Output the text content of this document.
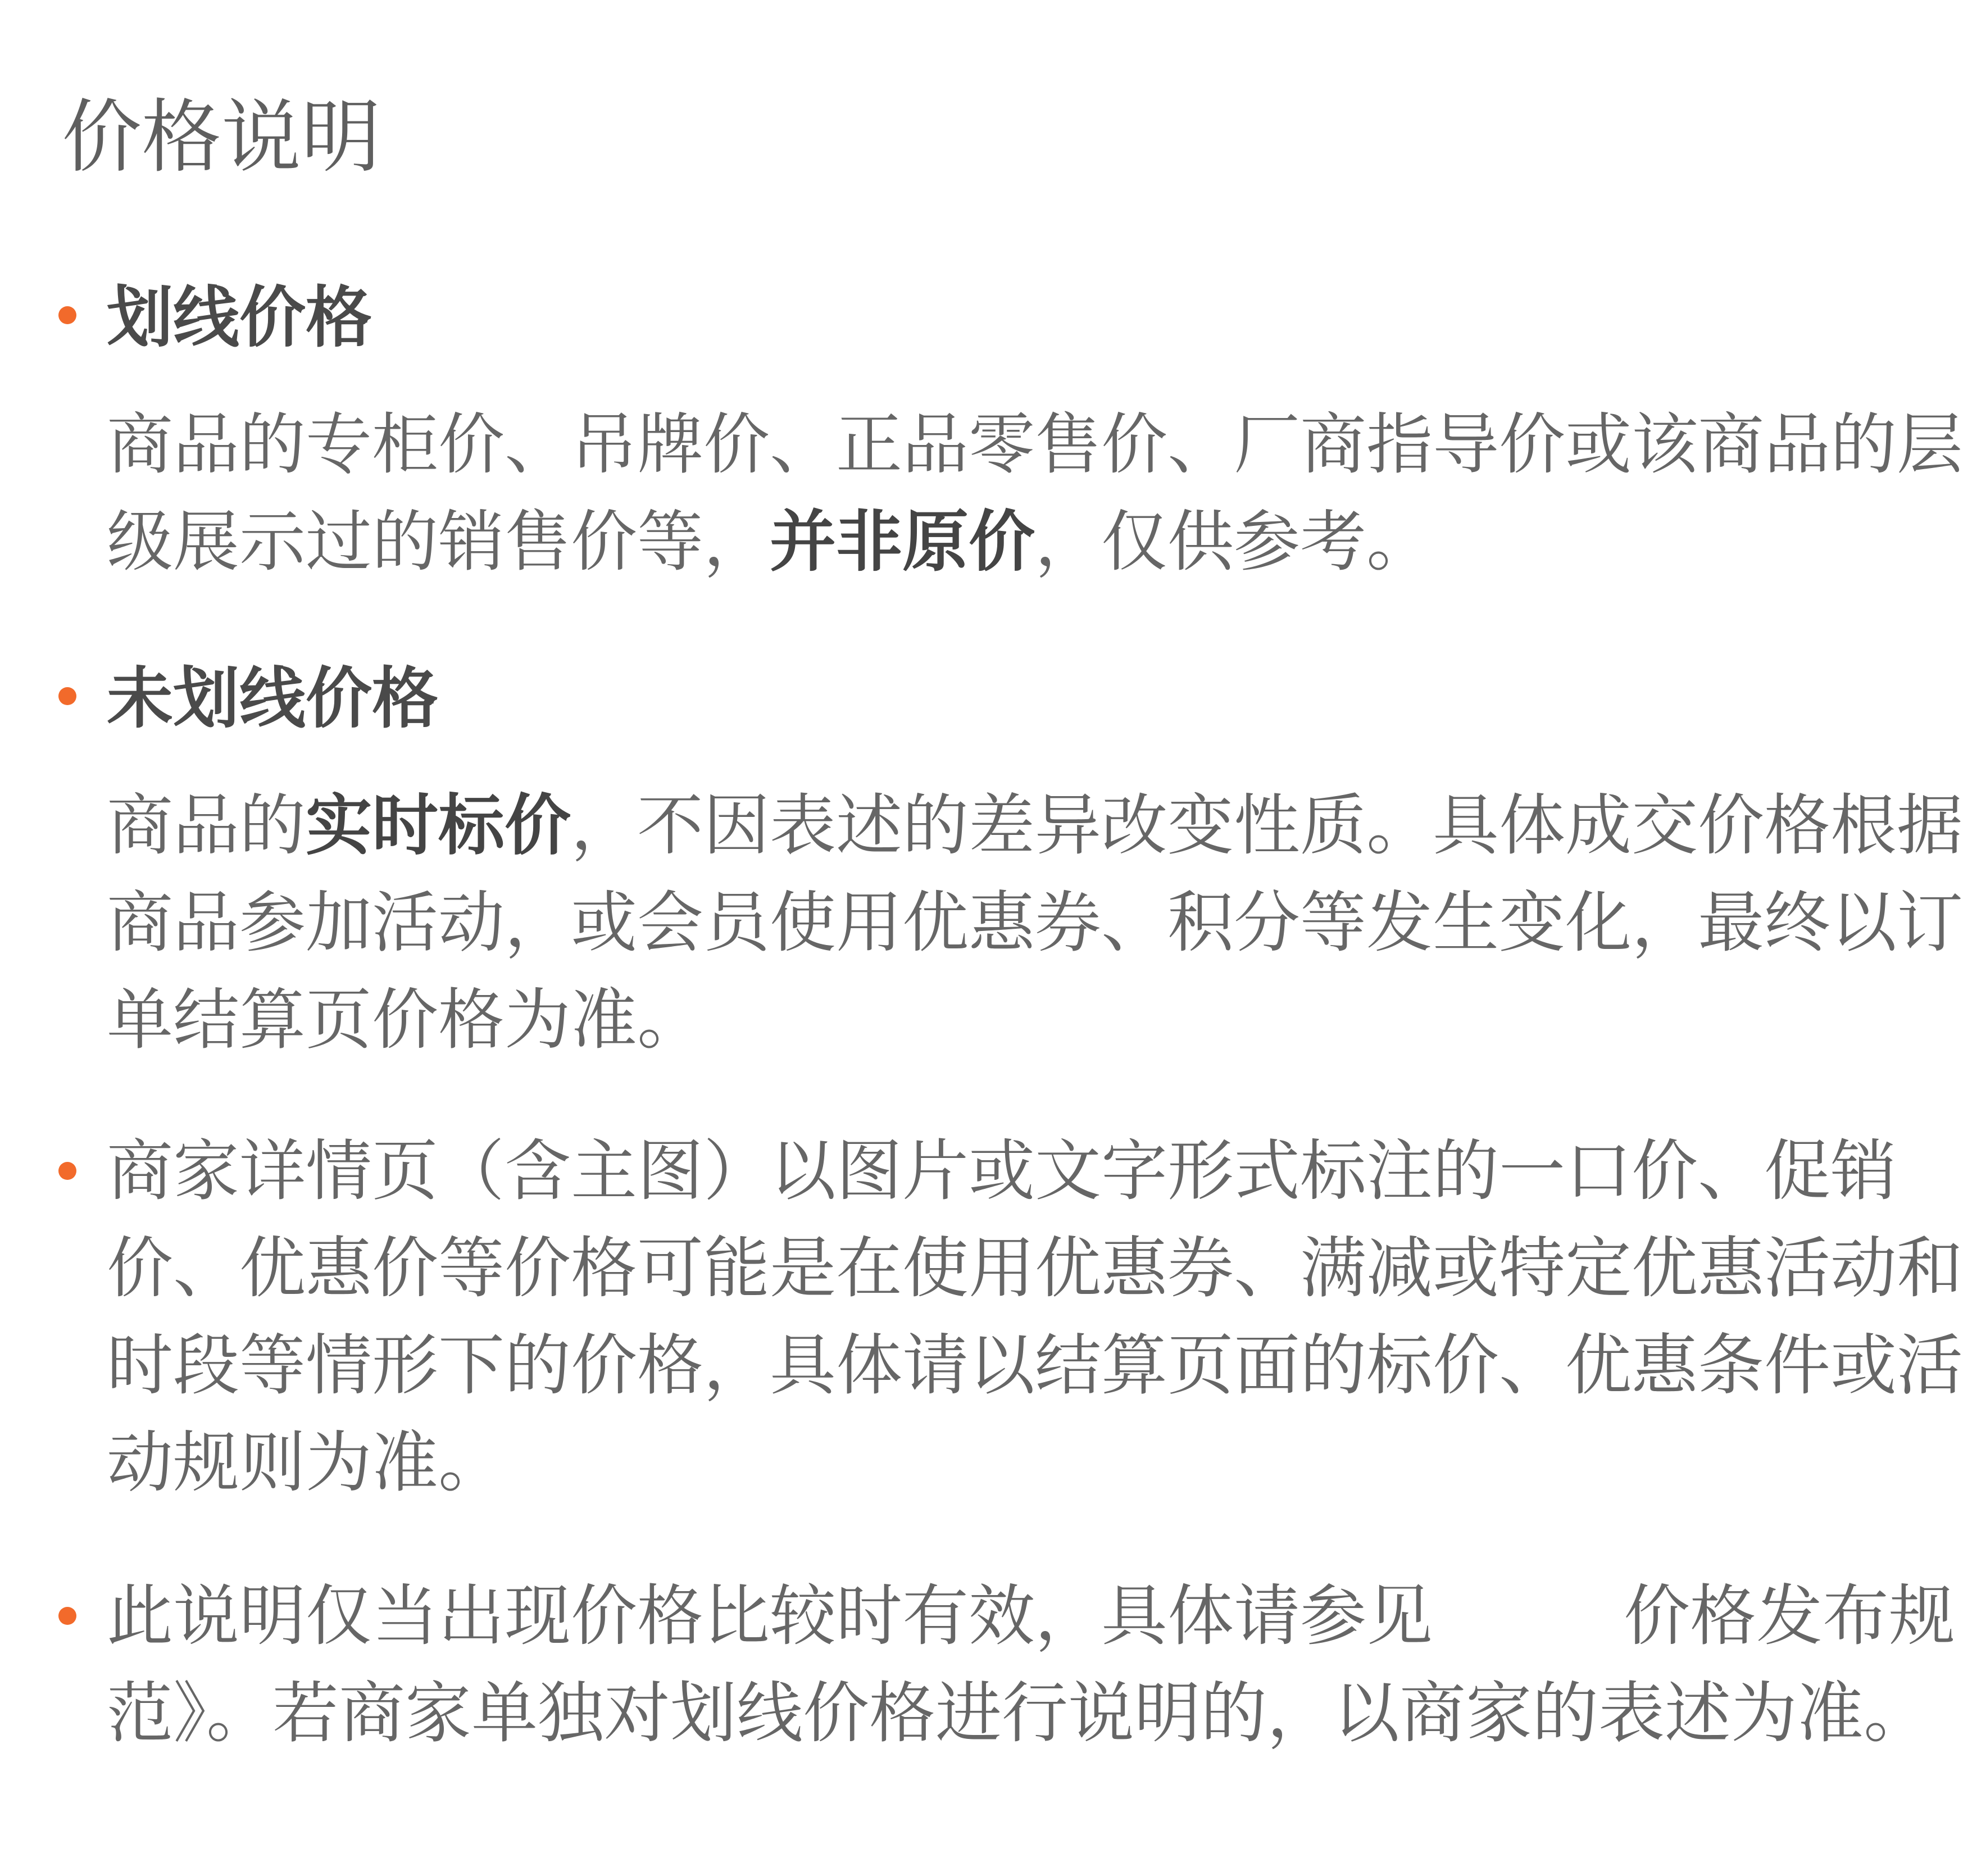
价格说明
划线价格
商品的专柜价、吊牌价、正品零售价、厂商指导价或该商品的层
级展示过的销售价等，并非原价，仅供参考。
未划线价格
商品的实时标价，不因表述的差异改变性质。具体成交价格根据
商品参加活动，或会员使用优惠券、积分等发生变化，最终以订
单结算页价格为准。
商家详情页（含主图）以图片或文字形式标注的一口价、促销
价、优惠价等价格可能是在使用优惠券、满减或特定优惠活动和
时段等情形下的价格，具体请以结算页面的标价、优惠条件或活
动规则为准。
此说明仅当出现价格比较时有效，具体请参见	价格发布规
范》。若商家单独对划线价格进行说明的，以商家的表述为准。
